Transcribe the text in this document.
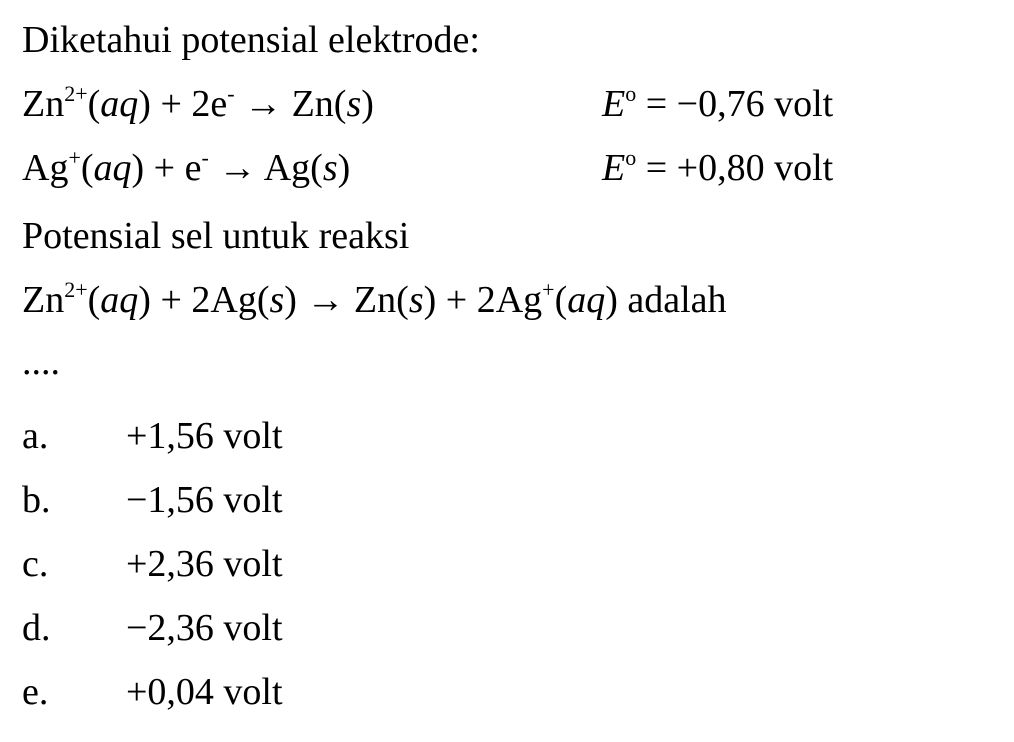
Diketahui potensial elektrode:
$Zn^{2+}(aq) + 2e^- \to Zn(s)$	$E^o = -0,76$ volt
Ag+(aq) + e- → Ag(s)	$E^o = +0,80$ volt
Potensial sel untuk reaksi
$Zn^{2+}(aq) + 2Ag(s) \to Zn(s) + 2Ag^+(aq)$ adalah
....
a. +1,56 volt
b. −1,56 volt
c. +2,36 volt
d. −2,36 volt
e. +0,04 volt
